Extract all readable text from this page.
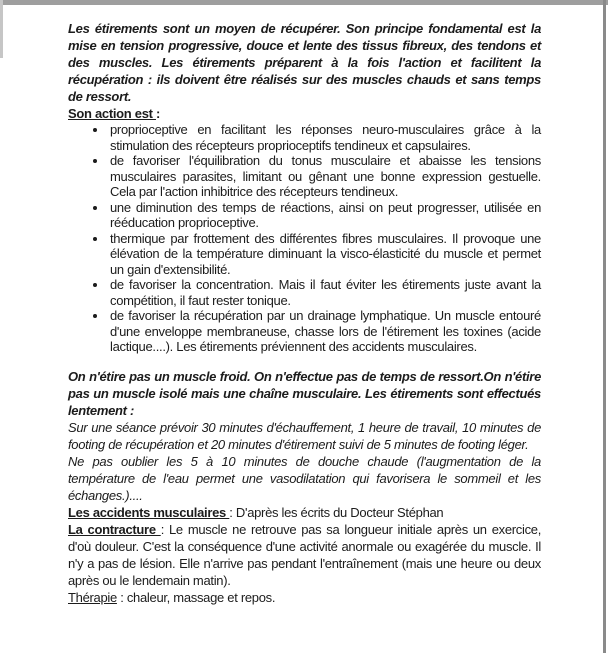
Les étirements sont un moyen de récupérer. Son principe fondamental est la mise en tension progressive, douce et lente des tissus fibreux, des tendons et des muscles. Les étirements préparent à la fois l'action et facilitent la récupération : ils doivent être réalisés sur des muscles chauds et sans temps de ressort.

Son action est :

• proprioceptive en facilitant les réponses neuro-musculaires grâce à la stimulation des récepteurs proprioceptifs tendineux et capsulaires.
• de favoriser l'équilibration du tonus musculaire et abaisse les tensions musculaires parasites, limitant ou gênant une bonne expression gestuelle. Cela par l'action inhibitrice des récepteurs tendineux.
• une diminution des temps de réactions, ainsi on peut progresser, utilisée en rééducation proprioceptive.
• thermique par frottement des différentes fibres musculaires. Il provoque une élévation de la température diminuant la visco-élasticité du muscle et permet un gain d'extensibilité.
• de favoriser la concentration. Mais il faut éviter les étirements juste avant la compétition, il faut rester tonique.
• de favoriser la récupération par un drainage lymphatique. Un muscle entouré d'une enveloppe membraneuse, chasse lors de l'étirement les toxines (acide lactique....). Les étirements préviennent des accidents musculaires.

On n'étire pas un muscle froid. On n'effectue pas de temps de ressort.On n'étire pas un muscle isolé mais une chaîne musculaire. Les étirements sont effectués lentement :

Sur une séance prévoir 30 minutes d'échauffement, 1 heure de travail, 10 minutes de footing de récupération et 20 minutes d'étirement suivi de 5 minutes de footing léger.

Ne pas oublier les 5 à 10 minutes de douche chaude (l'augmentation de la température de l'eau permet une vasodilatation qui favorisera le sommeil et les échanges.)....

Les accidents musculaires : D'après les écrits du Docteur Stéphan

La contracture : Le muscle ne retrouve pas sa longueur initiale après un exercice, d'où douleur. C'est la conséquence d'une activité anormale ou exagérée du muscle. Il n'y a pas de lésion. Elle n'arrive pas pendant l'entraînement (mais une heure ou deux après ou le lendemain matin).

Thérapie : chaleur, massage et repos.
